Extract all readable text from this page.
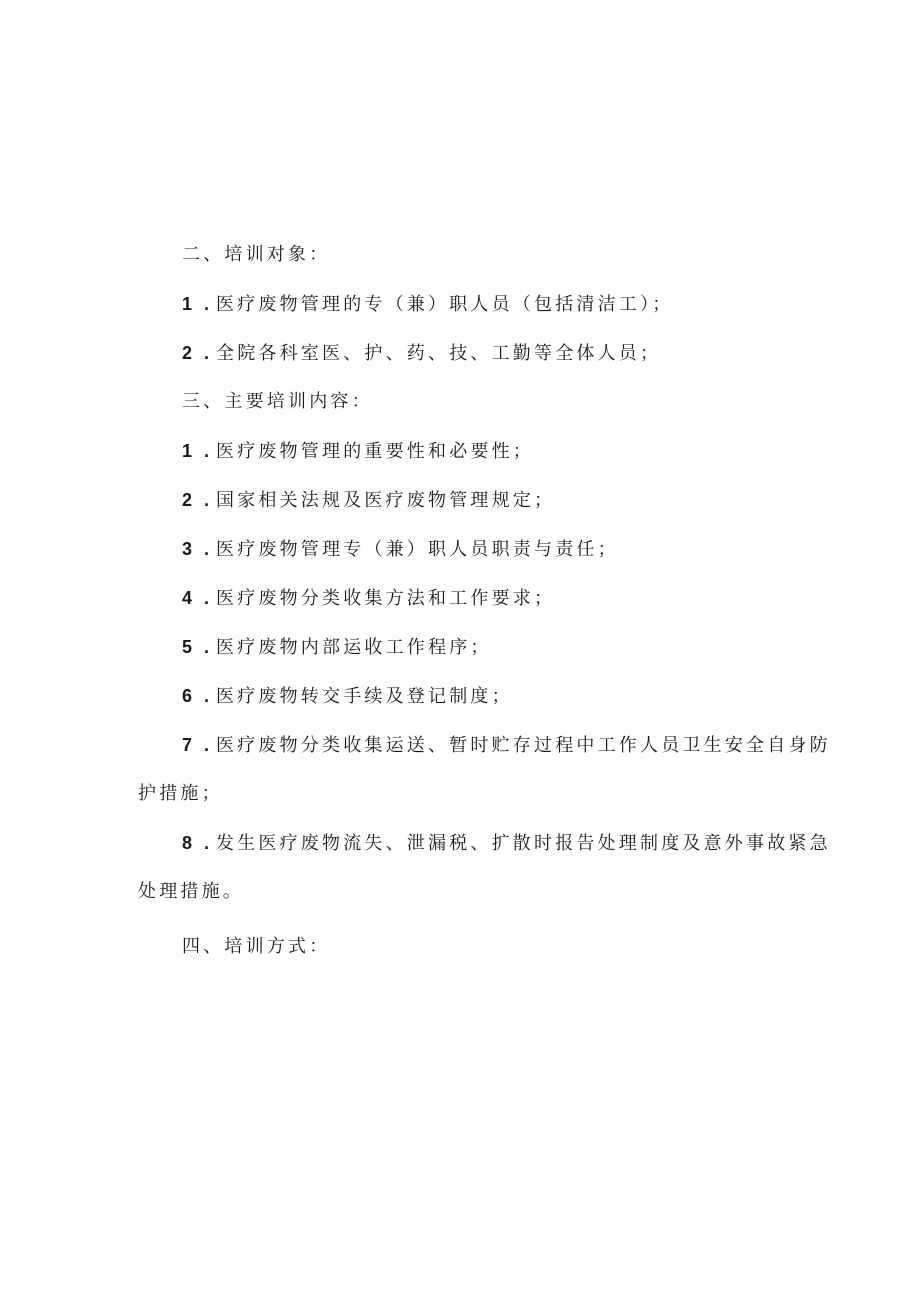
二、培训对象：
1 . 医疗废物管理的专（兼）职人员（包括清洁工）；
2 . 全院各科室医、护、药、技、工勤等全体人员；
三、主要培训内容：
1 . 医疗废物管理的重要性和必要性；
2 . 国家相关法规及医疗废物管理规定；
3 . 医疗废物管理专（兼）职人员职责与责任；
4 . 医疗废物分类收集方法和工作要求；
5 . 医疗废物内部运收工作程序；
6 . 医疗废物转交手续及登记制度；
7 . 医疗废物分类收集运送、暂时贮存过程中工作人员卫生安全自身防
护措施；
8 . 发生医疗废物流失、泄漏税、扩散时报告处理制度及意外事故紧急
处理措施。
四、培训方式：
